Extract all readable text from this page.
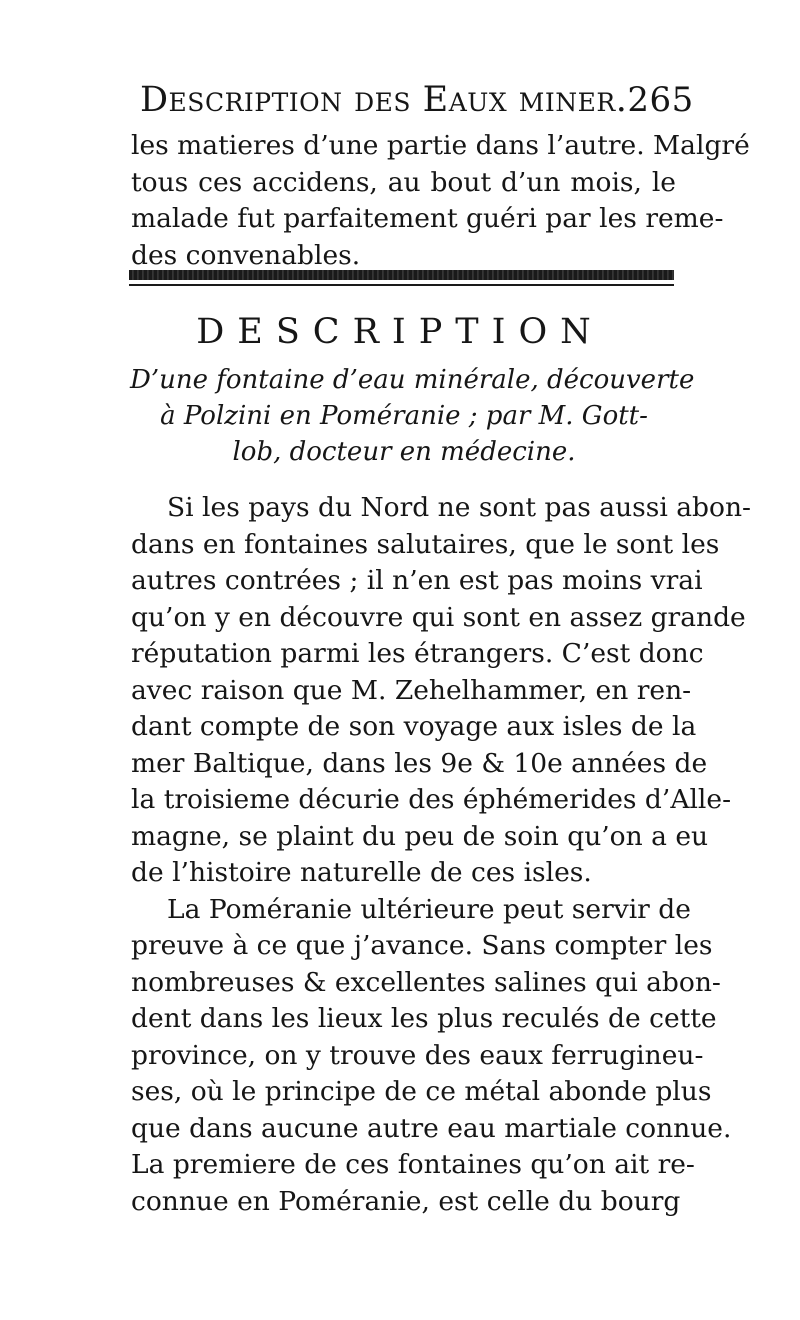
Description des Eaux miner. 265
les matieres d’une partie dans l’autre. Malgré
tous ces accidens, au bout d’un mois, le
malade fut parfaitement guéri par les reme-
des convenables.
DESCRIPTION
D’une fontaine d’eau minérale, découverte
à Polzini en Poméranie ; par M. Gott-
lob, docteur en médecine.
Si les pays du Nord ne sont pas aussi abon-
dans en fontaines salutaires, que le sont les
autres contrées ; il n’en est pas moins vrai
qu’on y en découvre qui sont en assez grande
réputation parmi les étrangers. C’est donc
avec raison que M. Zehelhammer, en ren-
dant compte de son voyage aux isles de la
mer Baltique, dans les 9e & 10e années de
la troisieme décurie des éphémerides d’Alle-
magne, se plaint du peu de soin qu’on a eu
de l’histoire naturelle de ces isles.
La Poméranie ultérieure peut servir de
preuve à ce que j’avance. Sans compter les
nombreuses & excellentes salines qui abon-
dent dans les lieux les plus reculés de cette
province, on y trouve des eaux ferrugineu-
ses, où le principe de ce métal abonde plus
que dans aucune autre eau martiale connue.
La premiere de ces fontaines qu’on ait re-
connue en Poméranie, est celle du bourg
